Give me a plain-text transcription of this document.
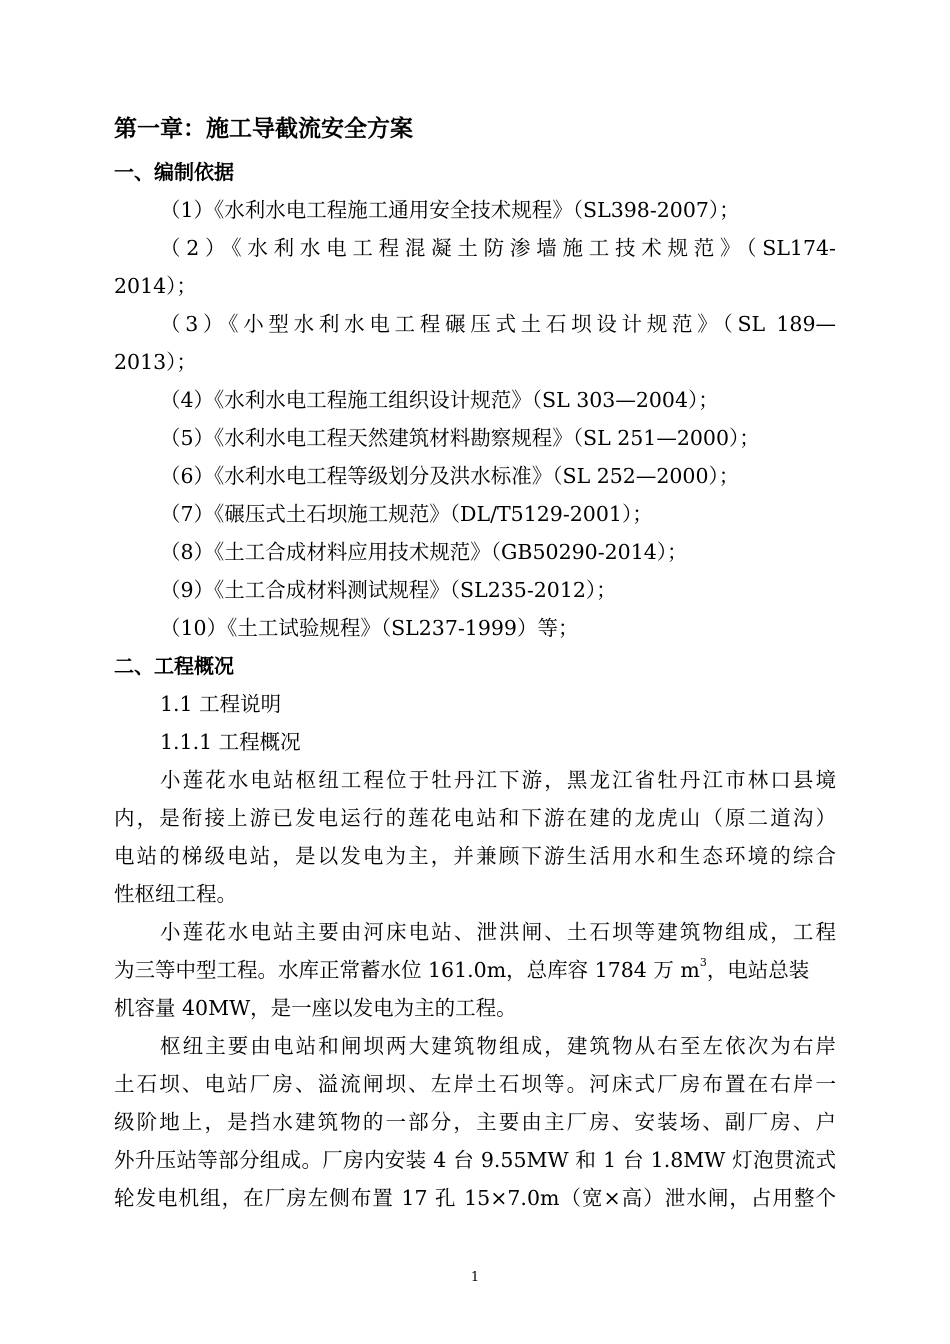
第一章：施工导截流安全方案
一、编制依据
（1）《水利水电工程施工通用安全技术规程》（SL398-2007）；
（2）《水利水电工程混凝土防渗墙施工技术规范》（SL174-
2014）；
（3）《小型水利水电工程碾压式土石坝设计规范》（SL 189—
2013）；
（4）《水利水电工程施工组织设计规范》（SL 303—2004）；
（5）《水利水电工程天然建筑材料勘察规程》（SL 251—2000）；
（6）《水利水电工程等级划分及洪水标准》（SL 252—2000）；
（7）《碾压式土石坝施工规范》（DL/T5129-2001）；
（8）《土工合成材料应用技术规范》（GB50290-2014）；
（9）《土工合成材料测试规程》（SL235-2012）；
（10）《土工试验规程》（SL237-1999）等；
二、工程概况
1.1 工程说明
1.1.1 工程概况
小莲花水电站枢纽工程位于牡丹江下游，黑龙江省牡丹江市林口县境
内，是衔接上游已发电运行的莲花电站和下游在建的龙虎山（原二道沟）
电站的梯级电站，是以发电为主，并兼顾下游生活用水和生态环境的综合
性枢纽工程。
小莲花水电站主要由河床电站、泄洪闸、土石坝等建筑物组成，工程
为三等中型工程。水库正常蓄水位 161.0m，总库容 1784 万 $m^3$，电站总装
机容量 40MW，是一座以发电为主的工程。
枢纽主要由电站和闸坝两大建筑物组成，建筑物从右至左依次为右岸
土石坝、电站厂房、溢流闸坝、左岸土石坝等。河床式厂房布置在右岸一
级阶地上，是挡水建筑物的一部分，主要由主厂房、安装场、副厂房、户
外升压站等部分组成。厂房内安装 4 台 9.55MW 和 1 台 1.8MW 灯泡贯流式
轮发电机组，在厂房左侧布置 17 孔 15×7.0m（宽×高）泄水闸，占用整个
1
